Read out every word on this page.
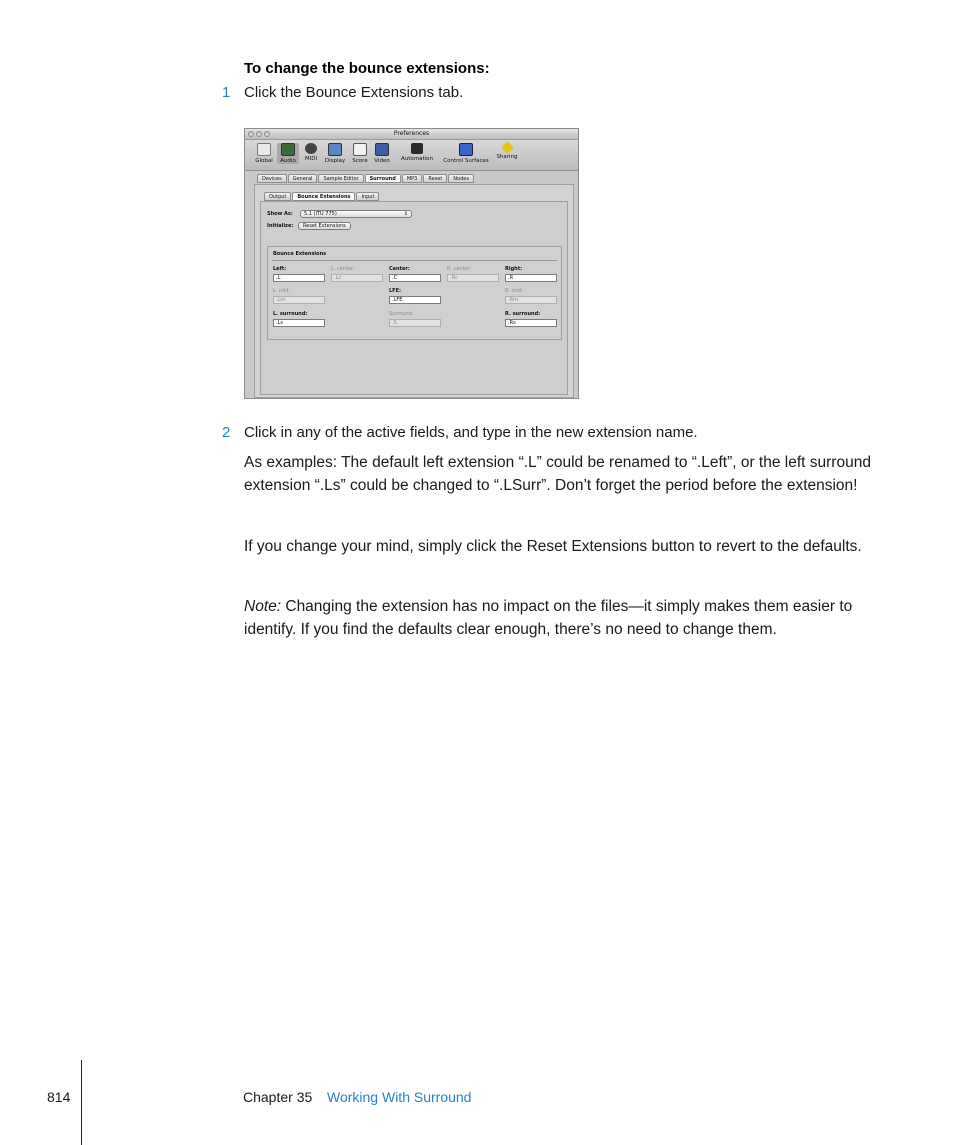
To change the bounce extensions:
1 Click the Bounce Extensions tab.
Preferences
Global	Audio	MIDI	Display	Score	Video	Automation	Control Surfaces
Sharing
Devices	General	Sample Editor	Surround	MP3	Reset	Nodes
Output	Bounce Extensions	Input
Show As:	5.1 (ITU 775)	↕
Initialize:	Reset Extensions
Bounce Extensions
Left:
.L
L. center:
.Lc
Center:
.C
R. center:
.Rc
Right:
.R
L. mid:
.Lm
LFE:
.LFE
R. mid:
.Rm
L. surround:
.Ls
Surround:
.S
R. surround:
.Rs
2 Click in any of the active fields, and type in the new extension name.
As examples: The default left extension “.L” could be renamed to “.Left”, or the left surround extension “.Ls” could be changed to “.LSurr”. Don’t forget the period before the extension!
If you change your mind, simply click the Reset Extensions button to revert to the defaults.
Note: Changing the extension has no impact on the files—it simply makes them easier to identify. If you find the defaults clear enough, there’s no need to change them.
814	Chapter 35 Working With Surround
